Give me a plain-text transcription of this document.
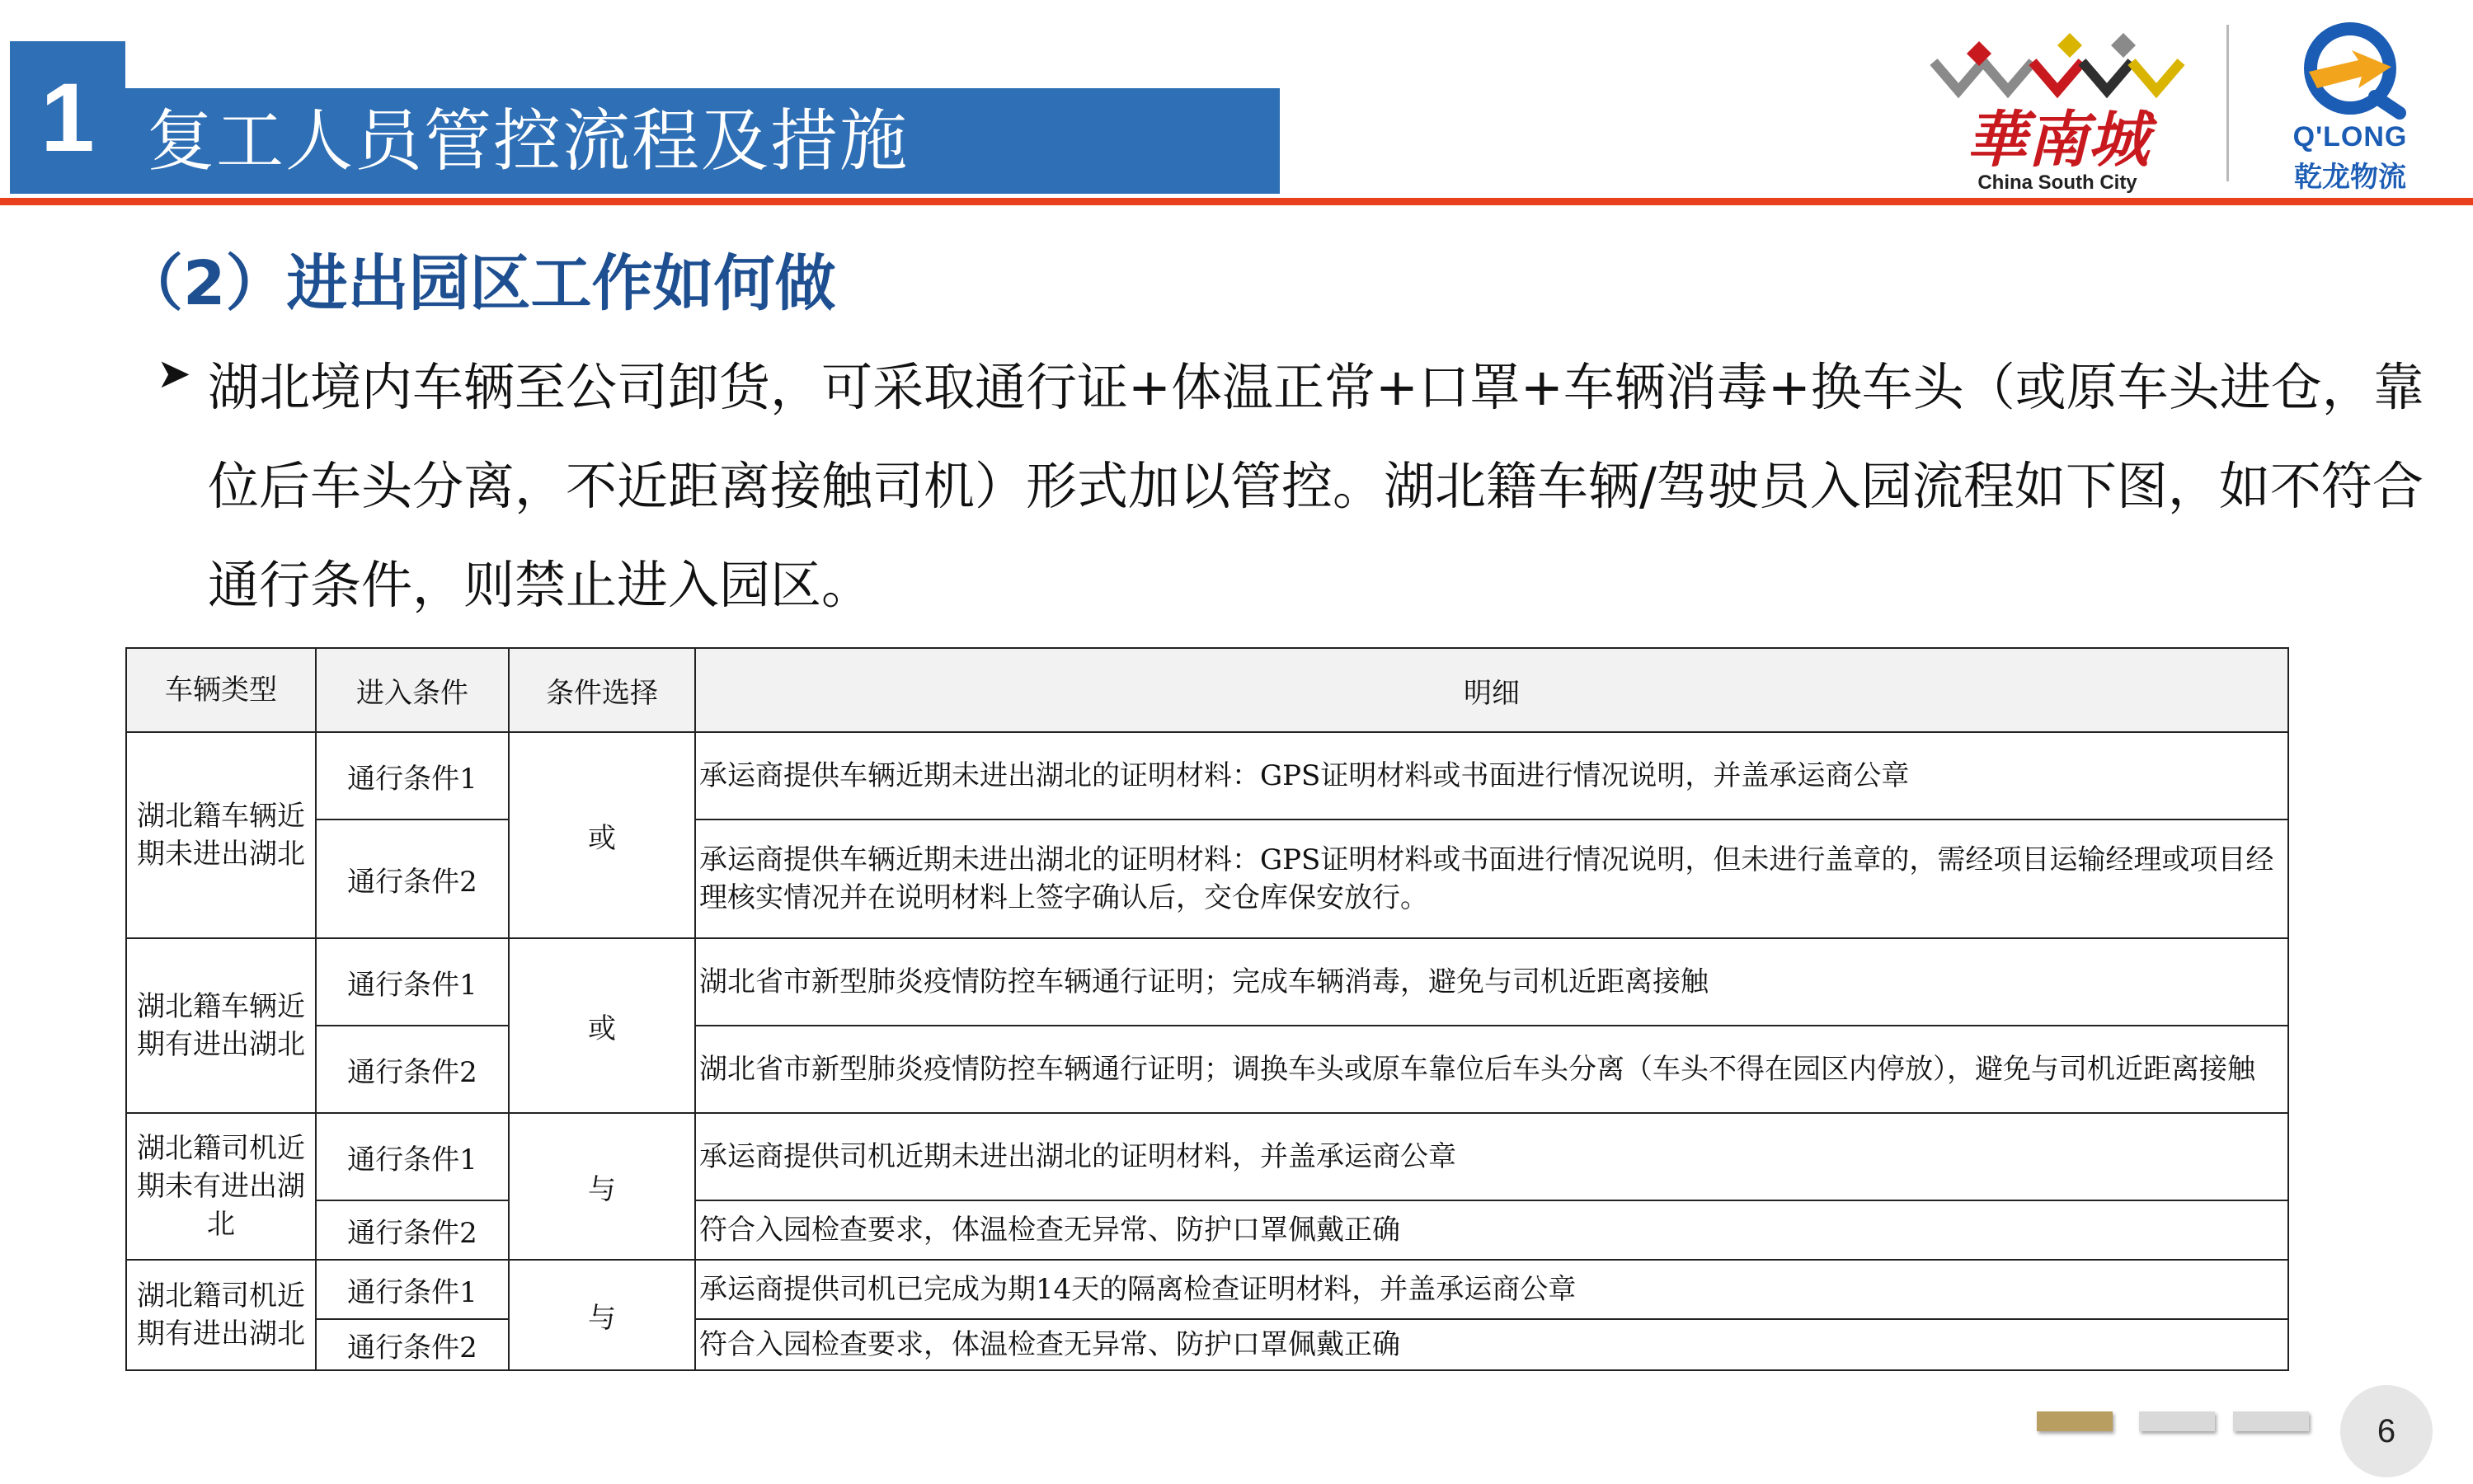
1 复工人员管控流程及措施	華南城
China South City
Q'LONG
乾龙物流
（2）进出园区工作如何做
➤ 湖北境内车辆至公司卸货，可采取通行证+体温正常+口罩+车辆消毒+换车头（或原车头进仓，靠位后车头分离，不近距离接触司机）形式加以管控。湖北籍车辆/驾驶员入园流程如下图，如不符合通行条件，则禁止进入园区。
车辆类型	进入条件	条件选择	明细
湖北籍车辆近期未进出湖北	通行条件1	或	承运商提供车辆近期未进出湖北的证明材料：GPS证明材料或书面进行情况说明，并盖承运商公章
	通行条件2		承运商提供车辆近期未进出湖北的证明材料：GPS证明材料或书面进行情况说明，但未进行盖章的，需经项目运输经理或项目经理核实情况并在说明材料上签字确认后，交仓库保安放行。
湖北籍车辆近期有进出湖北	通行条件1	或	湖北省市新型肺炎疫情防控车辆通行证明；完成车辆消毒，避免与司机近距离接触
	通行条件2		湖北省市新型肺炎疫情防控车辆通行证明；调换车头或原车靠位后车头分离（车头不得在园区内停放），避免与司机近距离接触
湖北籍司机近期未有进出湖北	通行条件1	与	承运商提供司机近期未进出湖北的证明材料，并盖承运商公章
	通行条件2		符合入园检查要求，体温检查无异常、防护口罩佩戴正确
湖北籍司机近期有进出湖北	通行条件1	与	承运商提供司机已完成为期14天的隔离检查证明材料，并盖承运商公章
	通行条件2		符合入园检查要求，体温检查无异常、防护口罩佩戴正确
6
